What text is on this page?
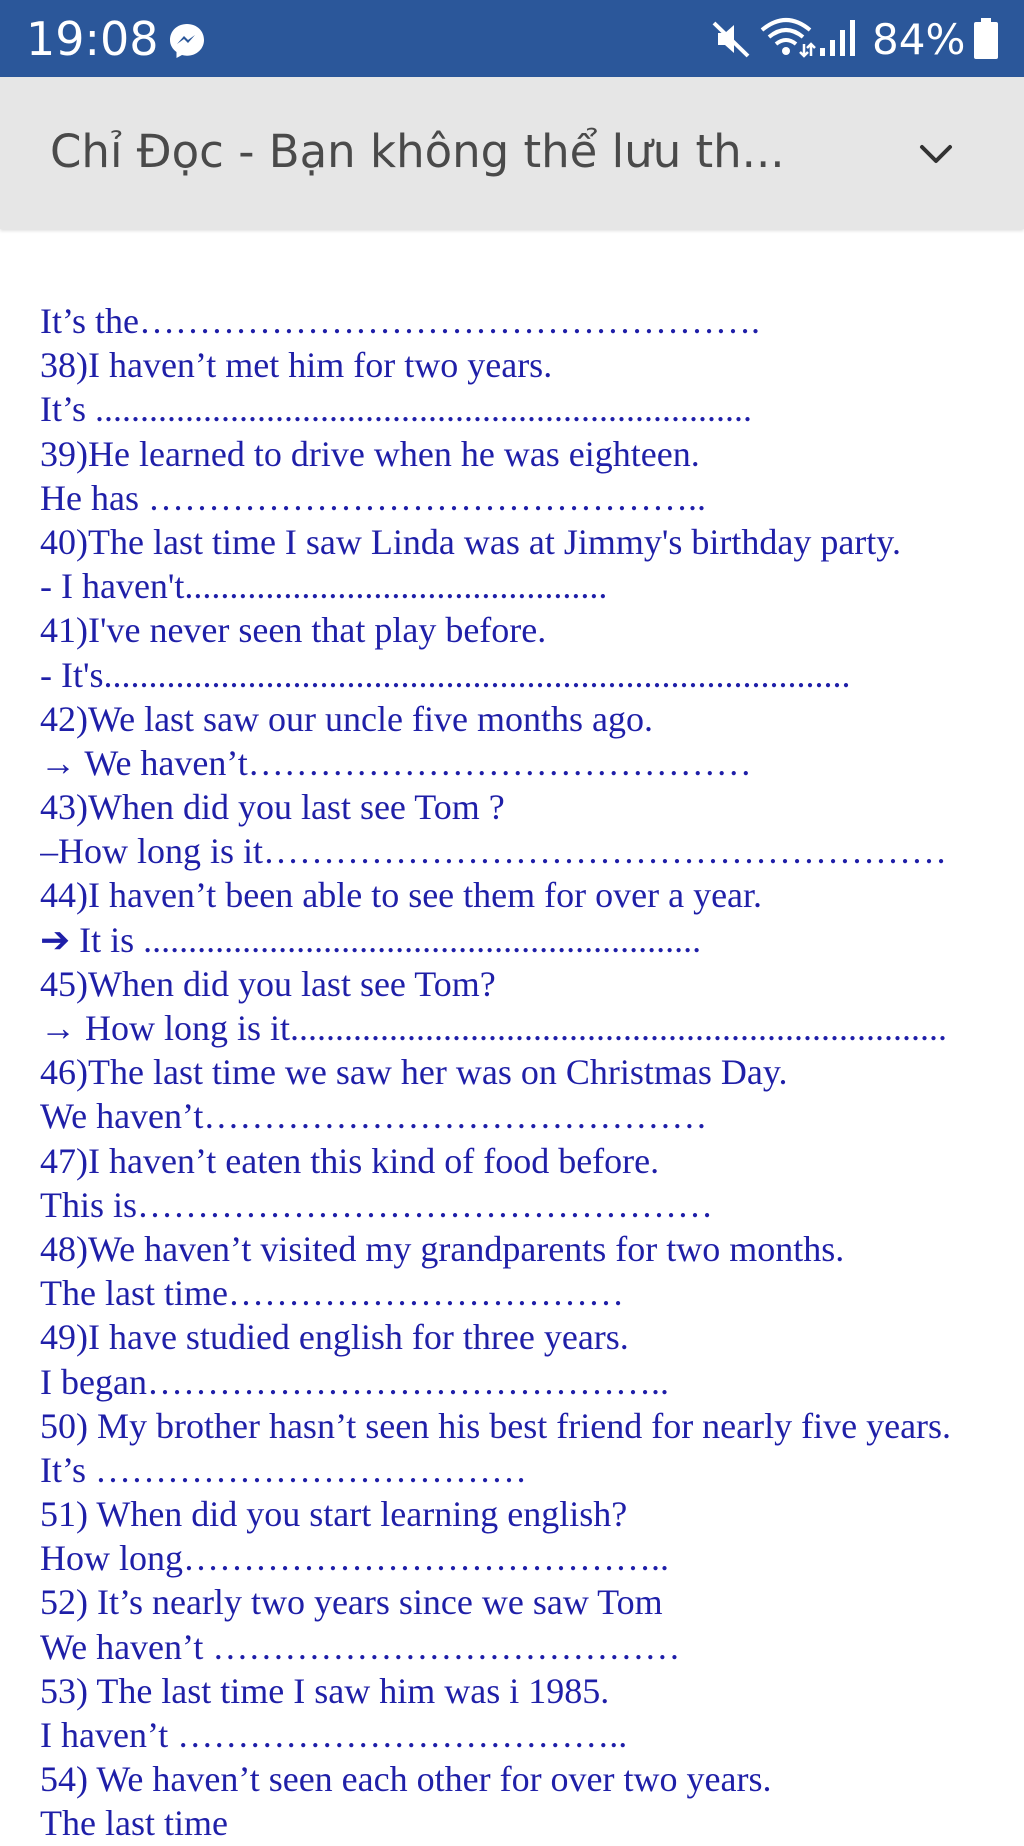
19:08	84%
Chỉ Đọc - Bạn không thể lưu th...
It’s the…………………………………………….
38)I haven’t met him for two years.
It’s .........................................................................
39)He learned to drive when he was eighteen.
He has ………………………………………..
40)The last time I saw Linda was at Jimmy's birthday party.
- I haven't...............................................
41)I've never seen that play before.
- It's...................................................................................
42)We last saw our uncle five months ago.
→ We haven’t……………………………………
43)When did you last see Tom ?
–How long is it…………………………………………………
44)I haven’t been able to see them for over a year.
➔ It is ..............................................................
45)When did you last see Tom?
→ How long is it.........................................................................
46)The last time we saw her was on Christmas Day.
We haven’t……………………………………
47)I haven’t eaten this kind of food before.
This is…………………………………………
48)We haven’t visited my grandparents for two months.
The last time……………………………
49)I have studied english for three years.
I began……………………………………..
50) My brother hasn’t seen his best friend for nearly five years.
It’s ………………………………
51) When did you start learning english?
How long…………………………………..
52) It’s nearly two years since we saw Tom
We haven’t …………………………………
53) The last time I saw him was i 1985.
I haven’t ………………………………..
54) We haven’t seen each other for over two years.
The last time
